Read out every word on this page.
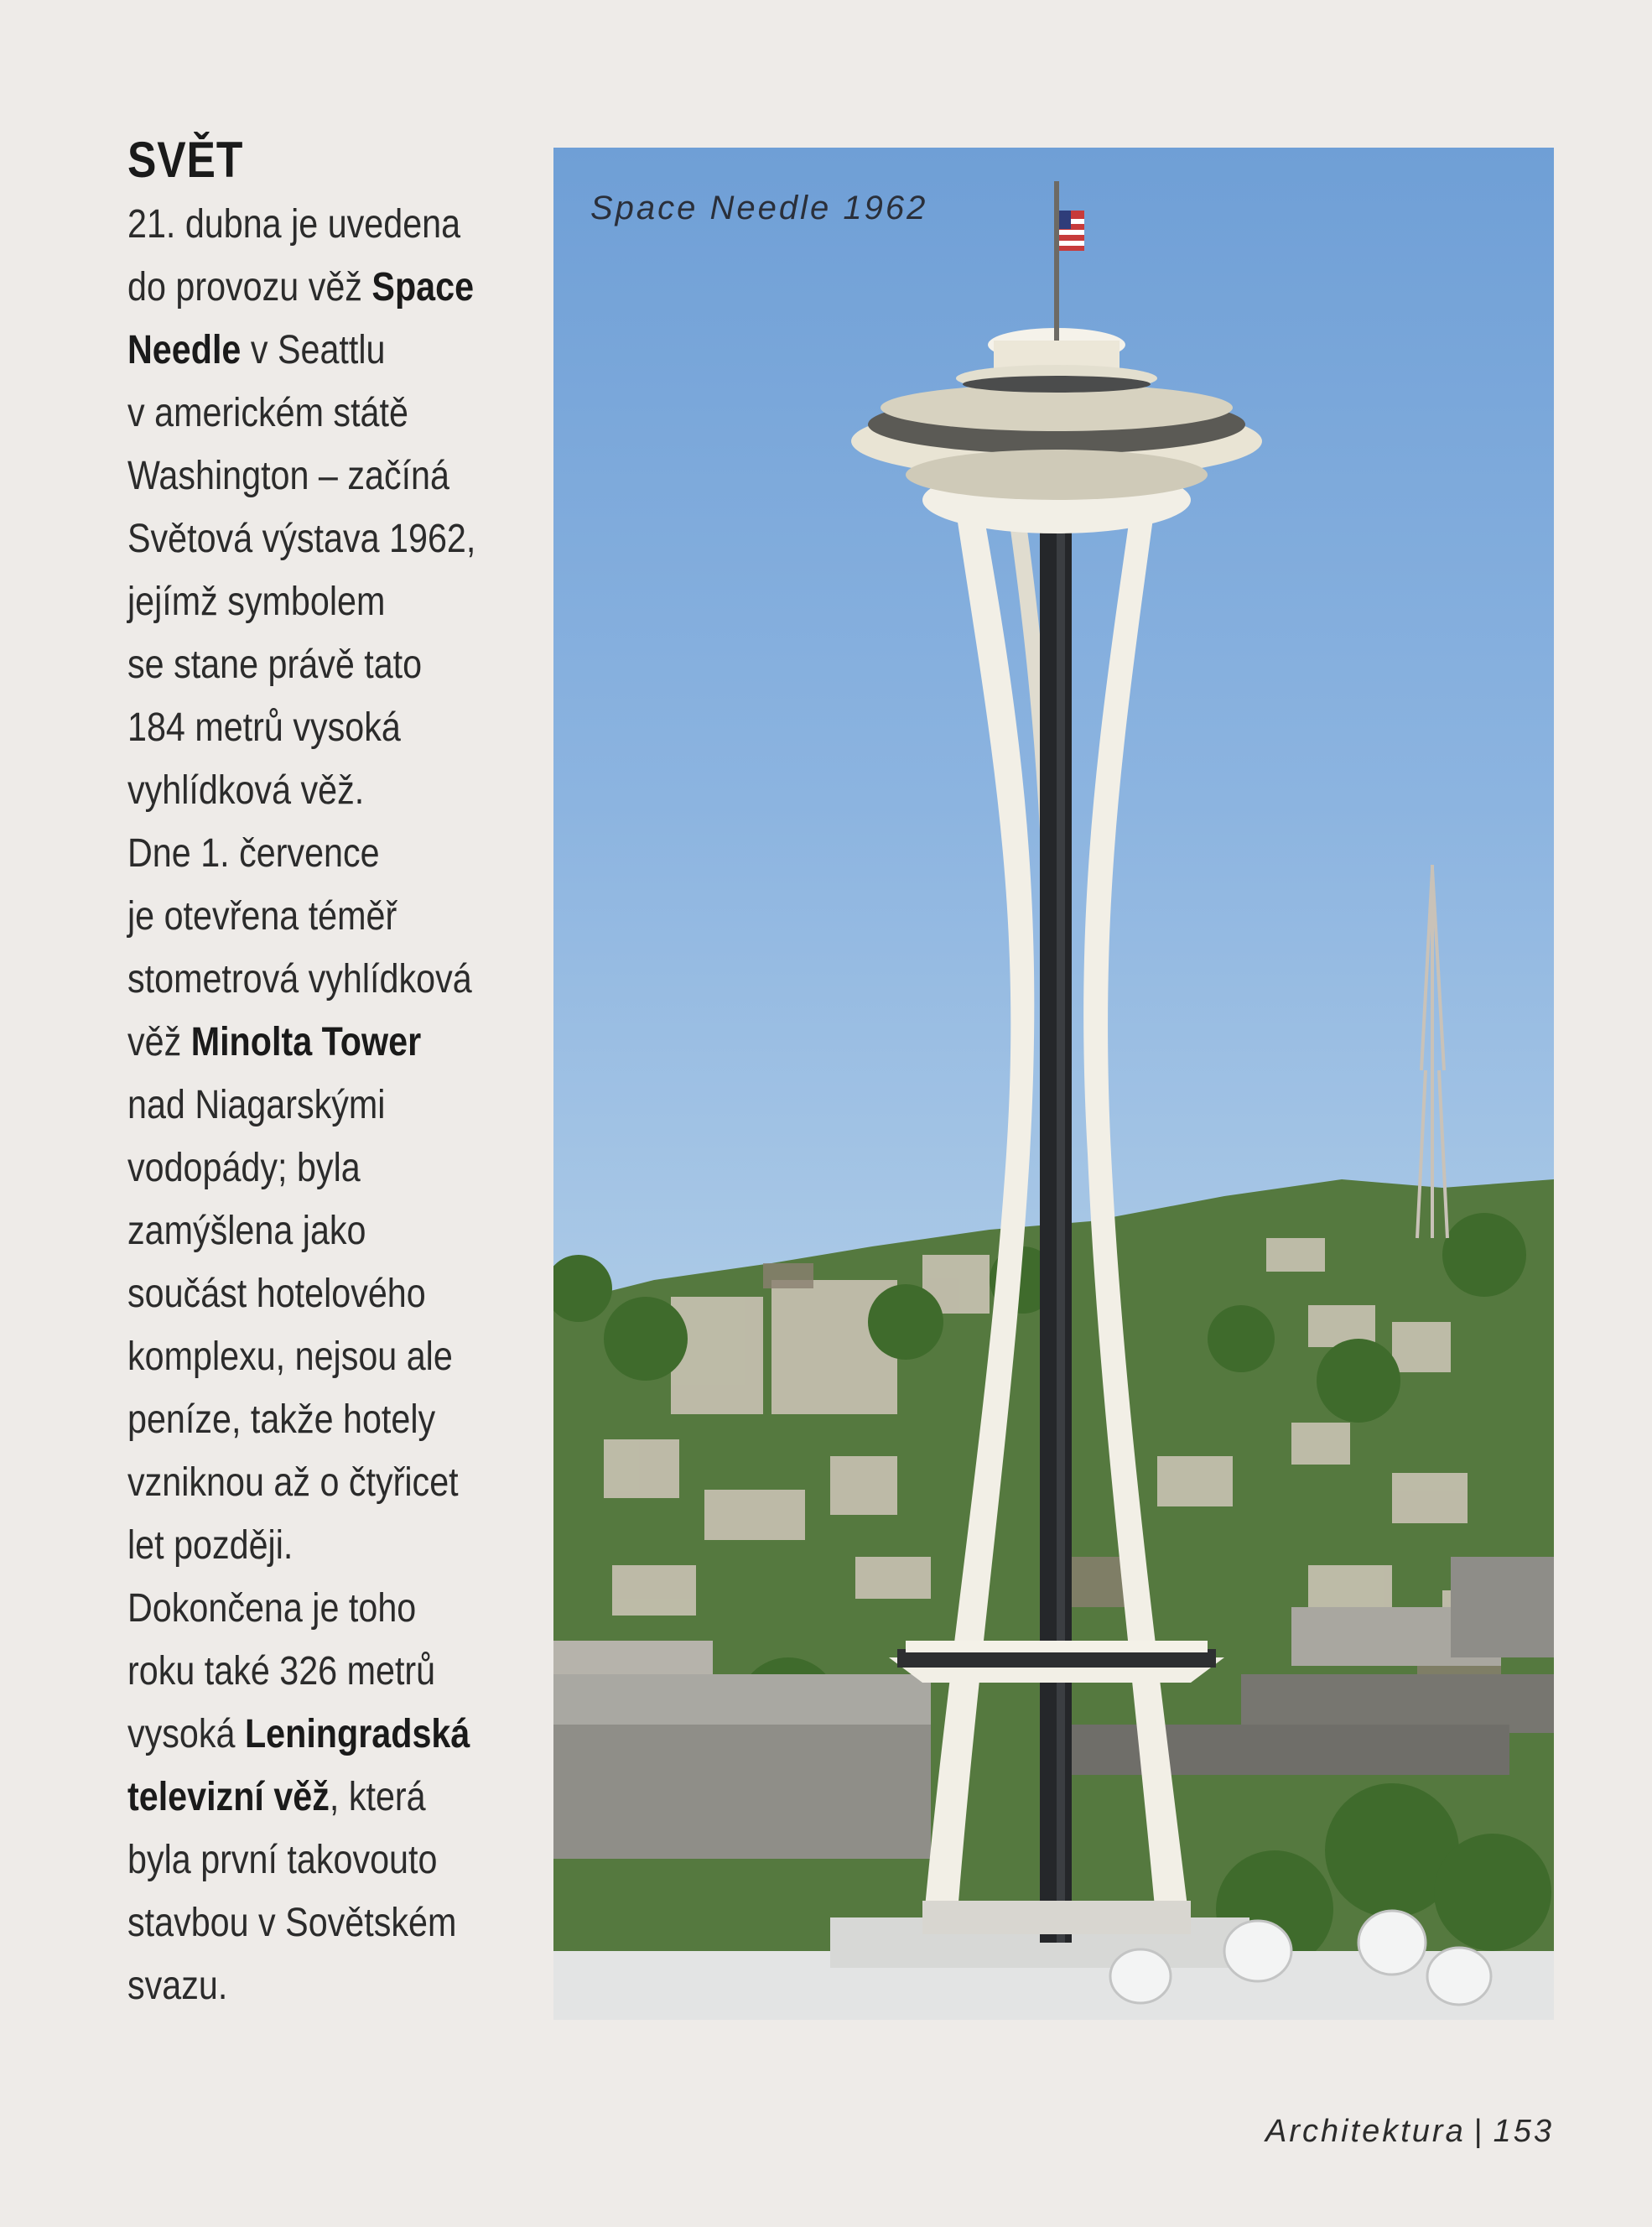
SVĚT

21. dubna je uvedena
do provozu věž Space
Needle v Seattlu
v americkém státě
Washington – začíná
Světová výstava 1962,
jejímž symbolem
se stane právě tato
184 metrů vysoká
vyhlídková věž.
Dne 1. července
je otevřena téměř
stometrová vyhlídková
věž Minolta Tower
nad Niagarskými
vodopády; byla
zamýšlena jako
součást hotelového
komplexu, nejsou ale
peníze, takže hotely
vzniknou až o čtyřicet
let později.
Dokončena je toho
roku také 326 metrů
vysoká Leningradská
televizní věž, která
byla první takovouto
stavbou v Sovětském
svazu.

Space Needle 1962
Architektura | 153
